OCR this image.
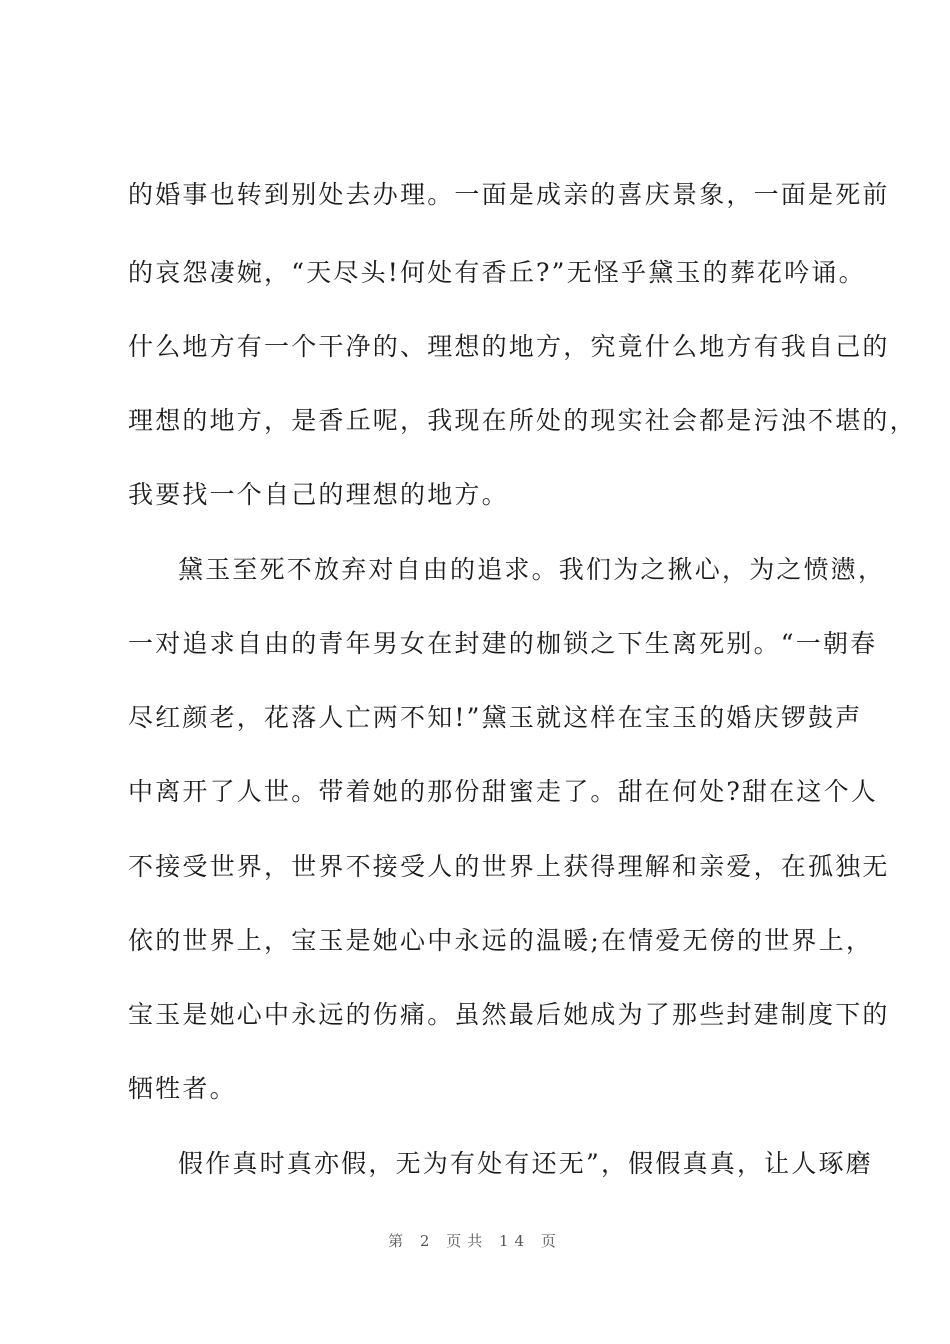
的婚事也转到别处去办理。一面是成亲的喜庆景象，一面是死前
的哀怨凄婉，“天尽头!何处有香丘?”无怪乎黛玉的葬花吟诵。
什么地方有一个干净的、理想的地方，究竟什么地方有我自己的
理想的地方，是香丘呢，我现在所处的现实社会都是污浊不堪的，
我要找一个自己的理想的地方。
黛玉至死不放弃对自由的追求。我们为之揪心，为之愤懑，
一对追求自由的青年男女在封建的枷锁之下生离死别。“一朝春
尽红颜老，花落人亡两不知!”黛玉就这样在宝玉的婚庆锣鼓声
中离开了人世。带着她的那份甜蜜走了。甜在何处?甜在这个人
不接受世界，世界不接受人的世界上获得理解和亲爱，在孤独无
依的世界上，宝玉是她心中永远的温暖;在情爱无傍的世界上，
宝玉是她心中永远的伤痛。虽然最后她成为了那些封建制度下的
牺牲者。
假作真时真亦假，无为有处有还无”，假假真真，让人琢磨
第 2 页共 14 页
